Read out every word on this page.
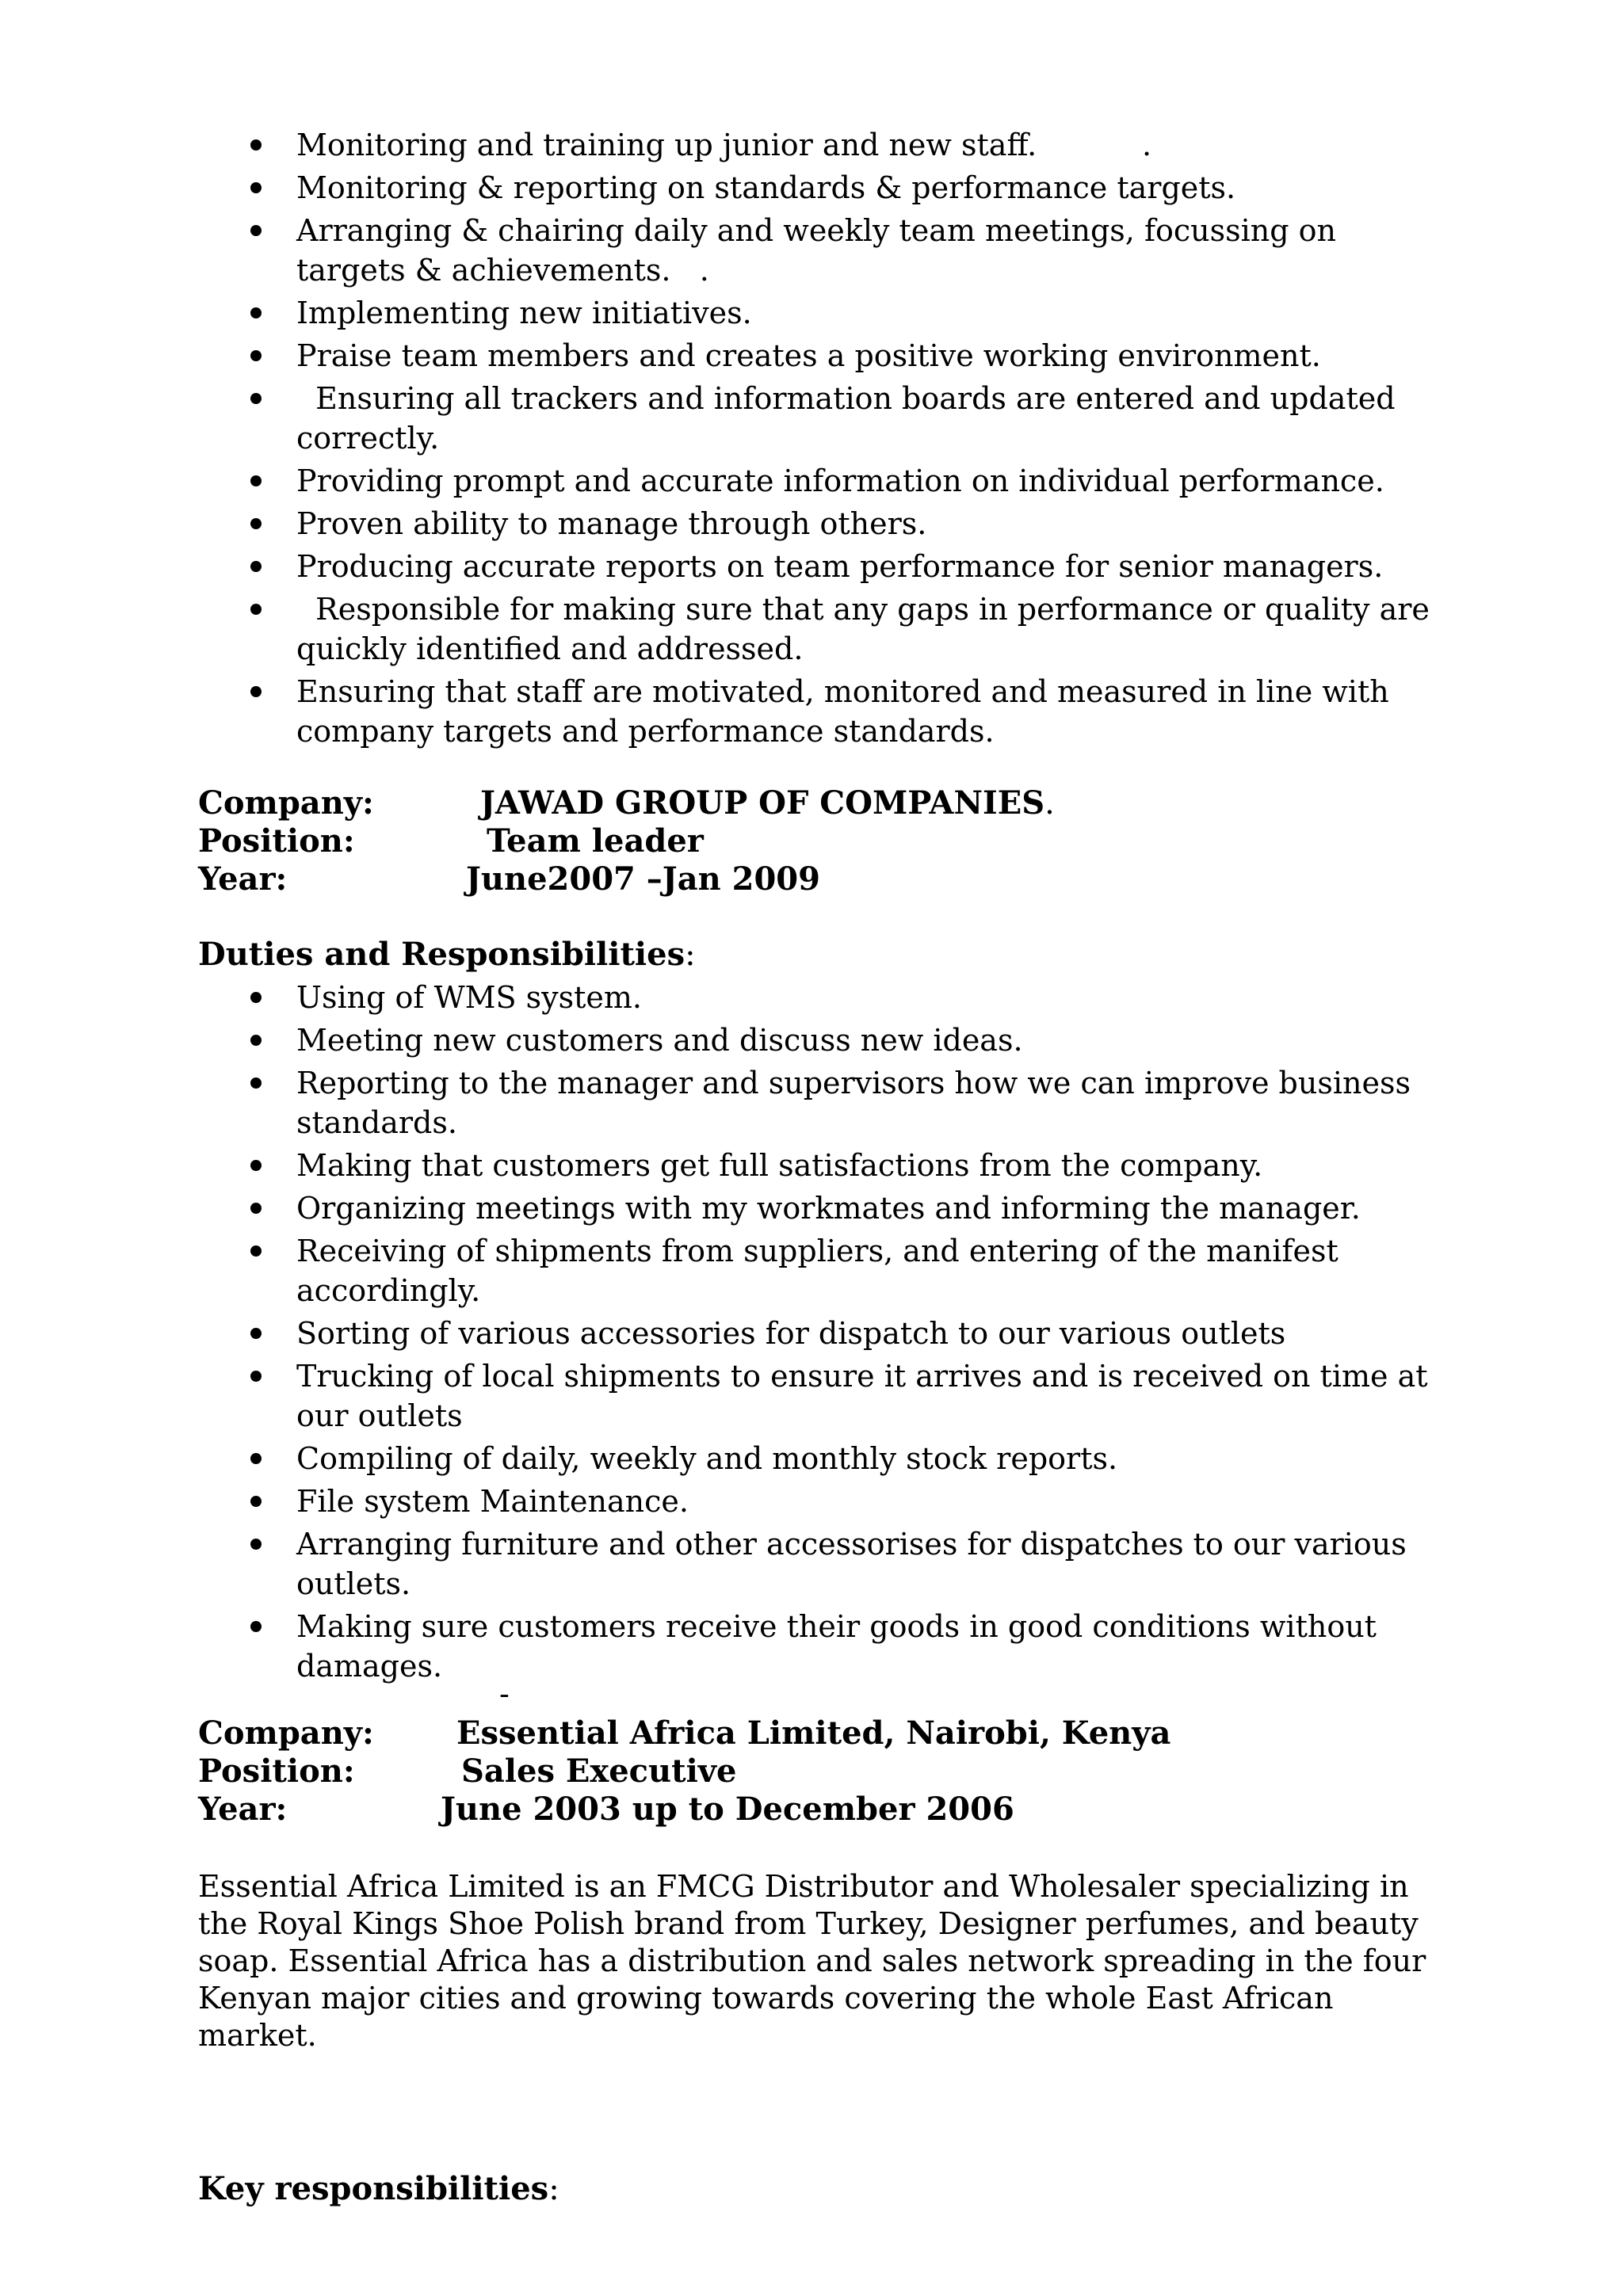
Monitoring and training up junior and new staff.           .
Monitoring & reporting on standards & performance targets.
Arranging & chairing daily and weekly team meetings, focussing on targets & achievements.   .
Implementing new initiatives.
Praise team members and creates a positive working environment.
Ensuring all trackers and information boards are entered and updated correctly.
Providing prompt and accurate information on individual performance.
Proven ability to manage through others.
Producing accurate reports on team performance for senior managers.
Responsible for making sure that any gaps in performance or quality are quickly identified and addressed.
Ensuring that staff are motivated, monitored and measured in line with company targets and performance standards.
Company:	JAWAD GROUP OF COMPANIES.
Position:	Team leader
Year:	June2007 –Jan 2009
Duties and Responsibilities:
Using of WMS system.
Meeting new customers and discuss new ideas.
Reporting to the manager and supervisors how we can improve business standards.
Making that customers get full satisfactions from the company.
Organizing meetings with my workmates and informing the manager.
Receiving of shipments from suppliers, and entering of the manifest accordingly.
Sorting of various accessories for dispatch to our various outlets
Trucking of local shipments to ensure it arrives and is received on time at our outlets
Compiling of daily, weekly and monthly stock reports.
File system Maintenance.
Arranging furniture and other accessorises for dispatches to our various outlets.
Making sure customers receive their goods in good conditions without damages.
-
Company:	Essential Africa Limited, Nairobi, Kenya
Position:	Sales Executive
Year:	June 2003 up to December 2006
Essential Africa Limited is an FMCG Distributor and Wholesaler specializing in the Royal Kings Shoe Polish brand from Turkey, Designer perfumes, and beauty soap. Essential Africa has a distribution and sales network spreading in the four Kenyan major cities and growing towards covering the whole East African market.
Key responsibilities:
